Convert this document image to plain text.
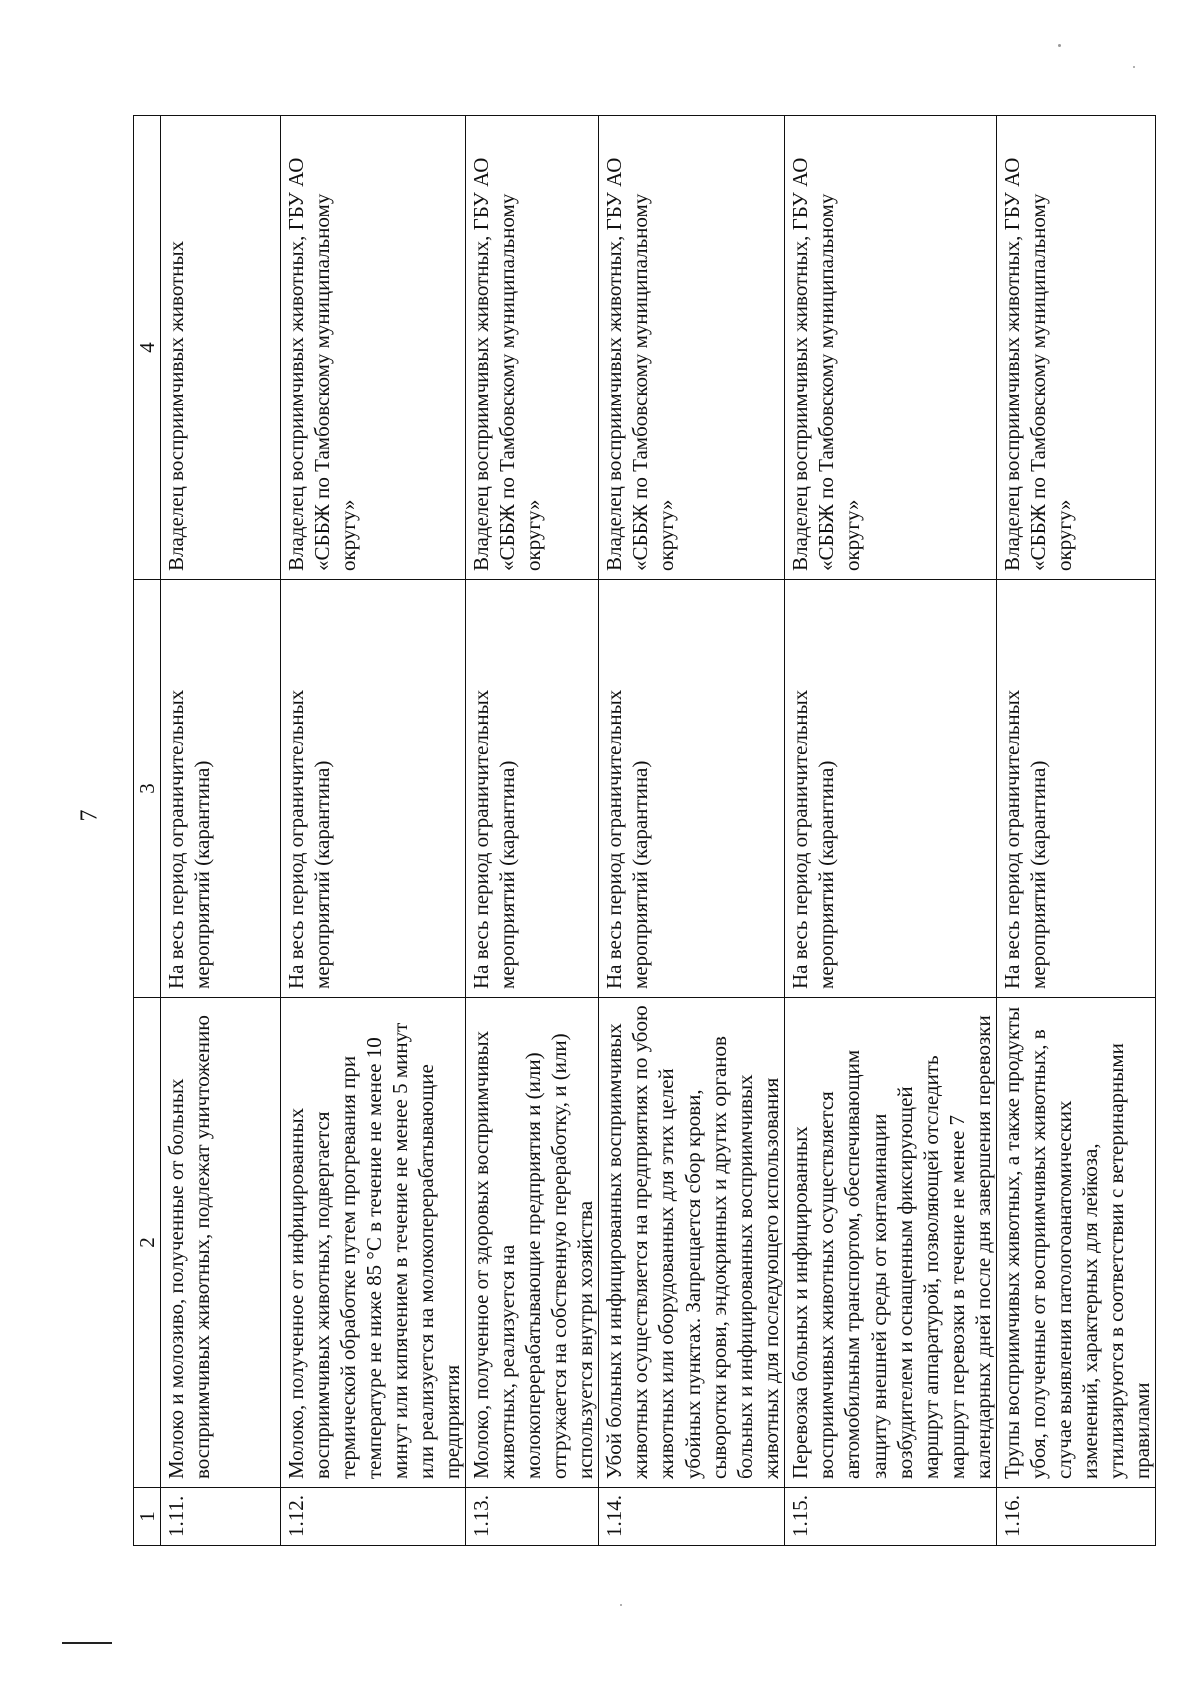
7
1	2	3	4
1.11.	Молоко и молозиво, полученные от больных восприимчивых животных, подлежат уничтожению	На весь период ограничительных мероприятий (карантина)	Владелец восприимчивых животных
1.12.	Молоко, полученное от инфицированных восприимчивых животных, подвергается термической обработке путем прогревания при температуре не ниже 85 °С в течение не менее 10 минут или кипячением в течение не менее 5 минут или реализуется на молокоперерабатывающие предприятия	На весь период ограничительных мероприятий (карантина)	Владелец восприимчивых животных, ГБУ АО «СББЖ по Тамбовскому муниципальному округу»
1.13.	Молоко, полученное от здоровых восприимчивых животных, реализуется на молокоперерабатывающие предприятия и (или) отгружается на собственную переработку, и (или) используется внутри хозяйства	На весь период ограничительных мероприятий (карантина)	Владелец восприимчивых животных, ГБУ АО «СББЖ по Тамбовскому муниципальному округу»
1.14.	Убой больных и инфицированных восприимчивых животных осуществляется на предприятиях по убою животных или оборудованных для этих целей убойных пунктах. Запрещается сбор крови, сыворотки крови, эндокринных и других органов больных и инфицированных восприимчивых животных для последующего использования	На весь период ограничительных мероприятий (карантина)	Владелец восприимчивых животных, ГБУ АО «СББЖ по Тамбовскому муниципальному округу»
1.15.	Перевозка больных и инфицированных восприимчивых животных осуществляется автомобильным транспортом, обеспечивающим защиту внешней среды от контаминации возбудителем и оснащенным фиксирующей маршрут аппаратурой, позволяющей отследить маршрут перевозки в течение не менее 7 календарных дней после дня завершения перевозки	На весь период ограничительных мероприятий (карантина)	Владелец восприимчивых животных, ГБУ АО «СББЖ по Тамбовскому муниципальному округу»
1.16.	Трупы восприимчивых животных, а также продукты убоя, полученные от восприимчивых животных, в случае выявления патологоанатомических изменений, характерных для лейкоза, утилизируются в соответствии с ветеринарными правилами	На весь период ограничительных мероприятий (карантина)	Владелец восприимчивых животных, ГБУ АО «СББЖ по Тамбовскому муниципальному округу»
